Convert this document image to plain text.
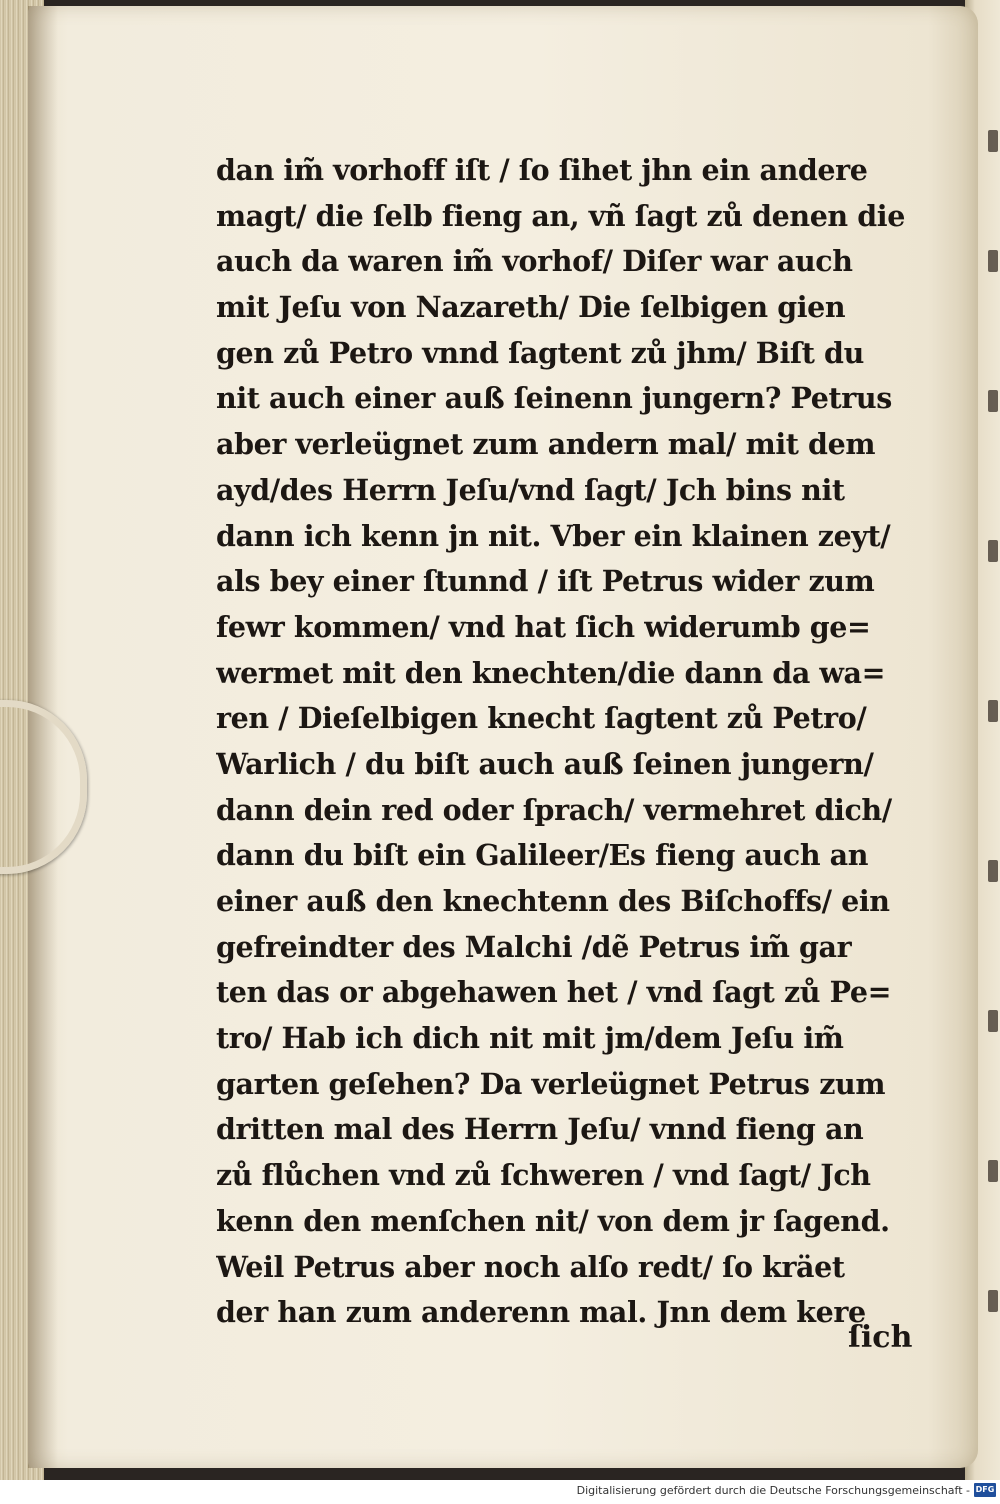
dan im̃ vorhoff iſt / ſo ſihet jhn ein andere
magt/ die ſelb fieng an, vñ ſagt zů denen die
auch da waren im̃ vorhof/ Diſer war auch
mit Jeſu von Nazareth/ Die ſelbigen gien
gen zů Petro vnnd ſagtent zů jhm/ Biſt du
nit auch einer auß ſeinenn jungern? Petrus
aber verleügnet zum andern mal/ mit dem
ayd/des Herrn Jeſu/vnd ſagt/ Jch bins nit
dann ich kenn jn nit. Vber ein klainen zeyt/
als bey einer ſtunnd / iſt Petrus wider zum
fewr kommen/ vnd hat ſich widerumb ge=
wermet mit den knechten/die dann da wa=
ren / Dieſelbigen knecht ſagtent zů Petro/
Warlich / du biſt auch auß ſeinen jungern/
dann dein red oder ſprach/ vermehret dich/
dann du biſt ein Galileer/Es fieng auch an
einer auß den knechtenn des Biſchoffs/ ein
gefreindter des Malchi /dẽ Petrus im̃ gar
ten das or abgehawen het / vnd ſagt zů Pe=
tro/ Hab ich dich nit mit jm/dem Jeſu im̃
garten geſehen? Da verleügnet Petrus zum
dritten mal des Herrn Jeſu/ vnnd fieng an
zů flůchen vnd zů ſchweren / vnd ſagt/ Jch
kenn den menſchen nit/ von dem jr ſagend.
Weil Petrus aber noch alſo redt/ ſo kräet
der han zum anderenn mal. Jnn dem kere
ſich
Digitalisierung gefördert durch die Deutsche Forschungsgemeinschaft - DFG
